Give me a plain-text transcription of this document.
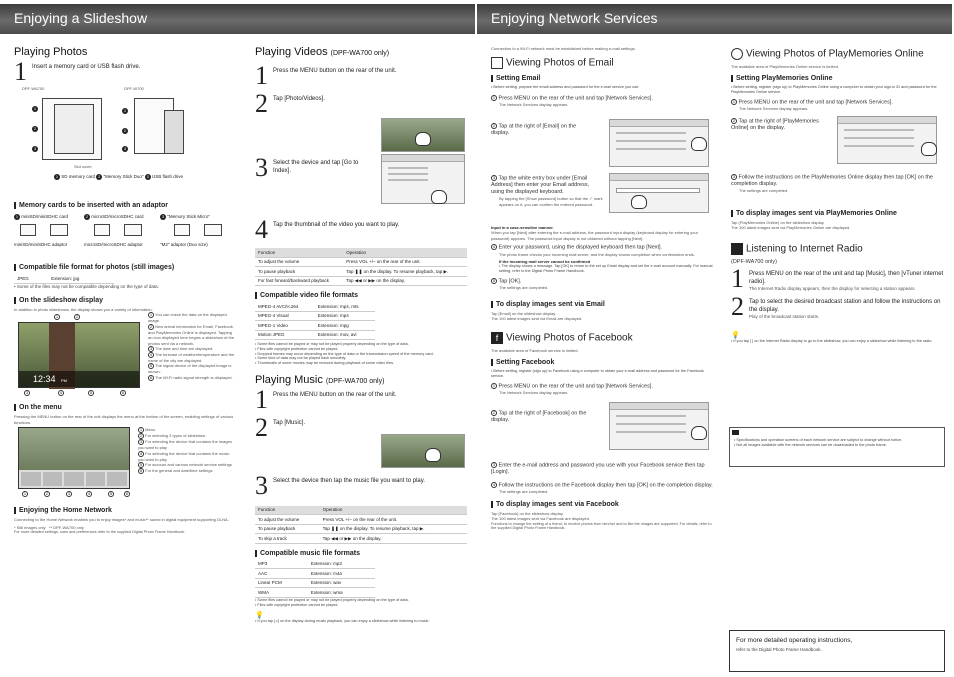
Enjoying a Slideshow
Playing Photos
1 Insert a memory card or USB flash drive.
DPF-WA700	DPF-W700
1
2
3
1
2
3
Slot cover
1 SD memory card 2 "Memory Stick Duo" 3 USB flash drive
Memory cards to be inserted with an adaptor
1 miniSD/miniSDHC card	2 microSD/microSDHC card	3 "Memory Stick Micro"
miniSD/miniSDHC adaptor	microSD/microSDHC adaptor	"M2" adaptor (Duo size)
Compatible file format for photos (still images)
JPEG	Extension: jpg
• Some of the files may not be compatible depending on the type of data.
On the slideshow display
In addition to photo slideshows, the display shows you a variety of information.
12:34 PM
1	2
3	4	5	6
1 You can check the data on the displayed image.
2 New arrival information for Email, Facebook, and PlayMemories Online is displayed. Tapping an icon displayed here begins a slideshow of the photos sent via a network.
3 The date and time are displayed.
4 The forecast of weather/temperature and the name of the city are displayed.
5 The signal device of the displayed image is shown.
6 The Wi-Fi radio signal strength is displayed.
On the menu
Pressing the MENU button on the rear of the unit displays the menu at the bottom of the screen, enabling settings of various functions.
1	2	3	4	5	6
1 Menu
2 For selecting 3 types of slideshow
3 For selecting the device that contains the images you want to play
4 For selecting the device that contains the music you want to play
5 For account and various network service settings
6 For the general and date/time settings
Enjoying the Home Network
Connecting to the Home Network enables you to enjoy images* and music** saved in digital equipment supporting DLNA.
* Still images only ** DPF-WA700 only
For more detailed settings, uses and preferences refer to the supplied Digital Photo Frame Handbook.
Playing Videos (DPF-WA700 only)
1 Press the MENU button on the rear of the unit.
2 Tap [Photo/Videos].
3 Select the device and tap [Go to Index].
4 Tap the thumbnail of the video you want to play.
Function	Operation
To adjust the volume	Press VOL +/– on the rear of the unit.
To pause playback	Tap ❚❚ on the display. To resume playback, tap ▶.
For fast forward/backward playback	Tap ◀◀ or ▶▶ on the display.
Compatible video file formats
MPEG-4 AVC/H.264	Extension: mp4, mts
MPEG-4 Visual	Extension: mp4
MPEG-1 Video	Extension: mpg
Motion JPEG	Extension: mov, avi
• Some files cannot be played or may not be played properly depending on the type of data.
• Files with copyright protection cannot be played.
• Dropped frames may occur depending on the type of data or the transmission speed of the memory card.
• Some kind of data may not be played back smoothly.
• Thumbnails of some movies may be reduced during playback of some video files.
Playing Music (DPF-WA700 only)
1 Press the MENU button on the rear of the unit.
2 Tap [Music].
3 Select the device then tap the music file you want to play.
Function	Operation
To adjust the volume	Press VOL +/– on the rear of the unit.
To pause playback	Tap ❚❚ on the display. To resume playback, tap ▶.
To skip a track	Tap ◀◀ or ▶▶ on the display.
Compatible music file formats
MP3	Extension: mp3
AAC	Extension: m4a
Linear PCM	Extension: wav
WMA	Extension: wma
• Some files cannot be played or may not be played properly depending on the type of data.
• Files with copyright protection cannot be played.
💡
• If you tap [♫] on the display during music playback, you can enjoy a slideshow while listening to music.
Enjoying Network Services
Connection to a Wi-Fi network must be established before making e-mail settings.
Viewing Photos of Email
Setting Email
• Before setting, prepare the email address and password for the e-mail service you use.
1 Press MENU on the rear of the unit and tap [Network Services].
The Network Services display appears.
2 Tap at the right of [Email] on the display.
3 Tap the white entry box under [Email Address] then enter your Email address, using the displayed keyboard.
By tapping the [Show password] button so that the ✓ mark appears on it, you can confirm the entered password.
Input in a case-sensitive manner.
When you tap [Next] after entering the e-mail address, the password input display (keyboard display for entering your password) appears. The password input display is not obtained without tapping [Next].
4 Enter your password, using the displayed keyboard then tap [Next].
The photo frame checks your incoming mail server, and the display shows completion when confirmation ends.
If the incoming mail server cannot be confirmed
• The display shows a message. Tap [OK] to return to the set up Email display and set the e-mail account manually. For manual setting, refer to the Digital Photo Frame Handbook.
5 Tap [OK].
The settings are completed.
To display images sent via Email
Tap [Email] on the slideshow display.
The 100 latest images sent via Email are displayed.
f Viewing Photos of Facebook
The available area of Facebook service is limited.
Setting Facebook
• Before setting, register (sign up) to Facebook using a computer to obtain your e-mail address and password for the Facebook service.
1 Press MENU on the rear of the unit and tap [Network Services].
The Network Services display appears.
2 Tap at the right of [Facebook] on the display.
3 Enter the e-mail address and password you use with your Facebook service then tap [Login].
4 Follow the instructions on the Facebook display then tap [OK] on the completion display.
The settings are completed.
To display images sent via Facebook
Tap [Facebook] on the slideshow display.
The 100 latest images sent via Facebook are displayed.
Functions to change the setting of a friend, to receive photos from him/her and to like the images are supported. For details, refer to the supplied Digital Photo Frame Handbook.
Viewing Photos of PlayMemories Online
The available area of PlayMemories Online service is limited.
Setting PlayMemories Online
• Before setting, register (sign up) to PlayMemories Online using a computer to obtain your sign-in ID and password for the PlayMemories Online service.
1 Press MENU on the rear of the unit and tap [Network Services].
The Network Services display appears.
2 Tap at the right of [PlayMemories Online] on the display.
3 Follow the instructions on the PlayMemories Online display then tap [OK] on the completion display.
The settings are completed.
To display images sent via PlayMemories Online
Tap (PlayMemories Online) on the slideshow display.
The 100 latest images sent via PlayMemories Online are displayed.
Listening to Internet Radio
(DPF-WA700 only)
1 Press MENU on the rear of the unit and tap [Music], then [vTuner internet radio].
The Internet Radio display appears, then the display for selecting a station appears.
2 Tap to select the desired broadcast station and follow the instructions on the display.
Play of the broadcast station starts.
💡
• If you tap [ ] on the Internet Radio display to go to the slideshow, you can enjoy a slideshow while listening to the radio.
• Specifications and operation screens of each network service are subject to change without notice.
• Not all images available with the network services can be downloaded to the photo frame.
For more detailed operating instructions,
refer to the Digital Photo Frame Handbook.
